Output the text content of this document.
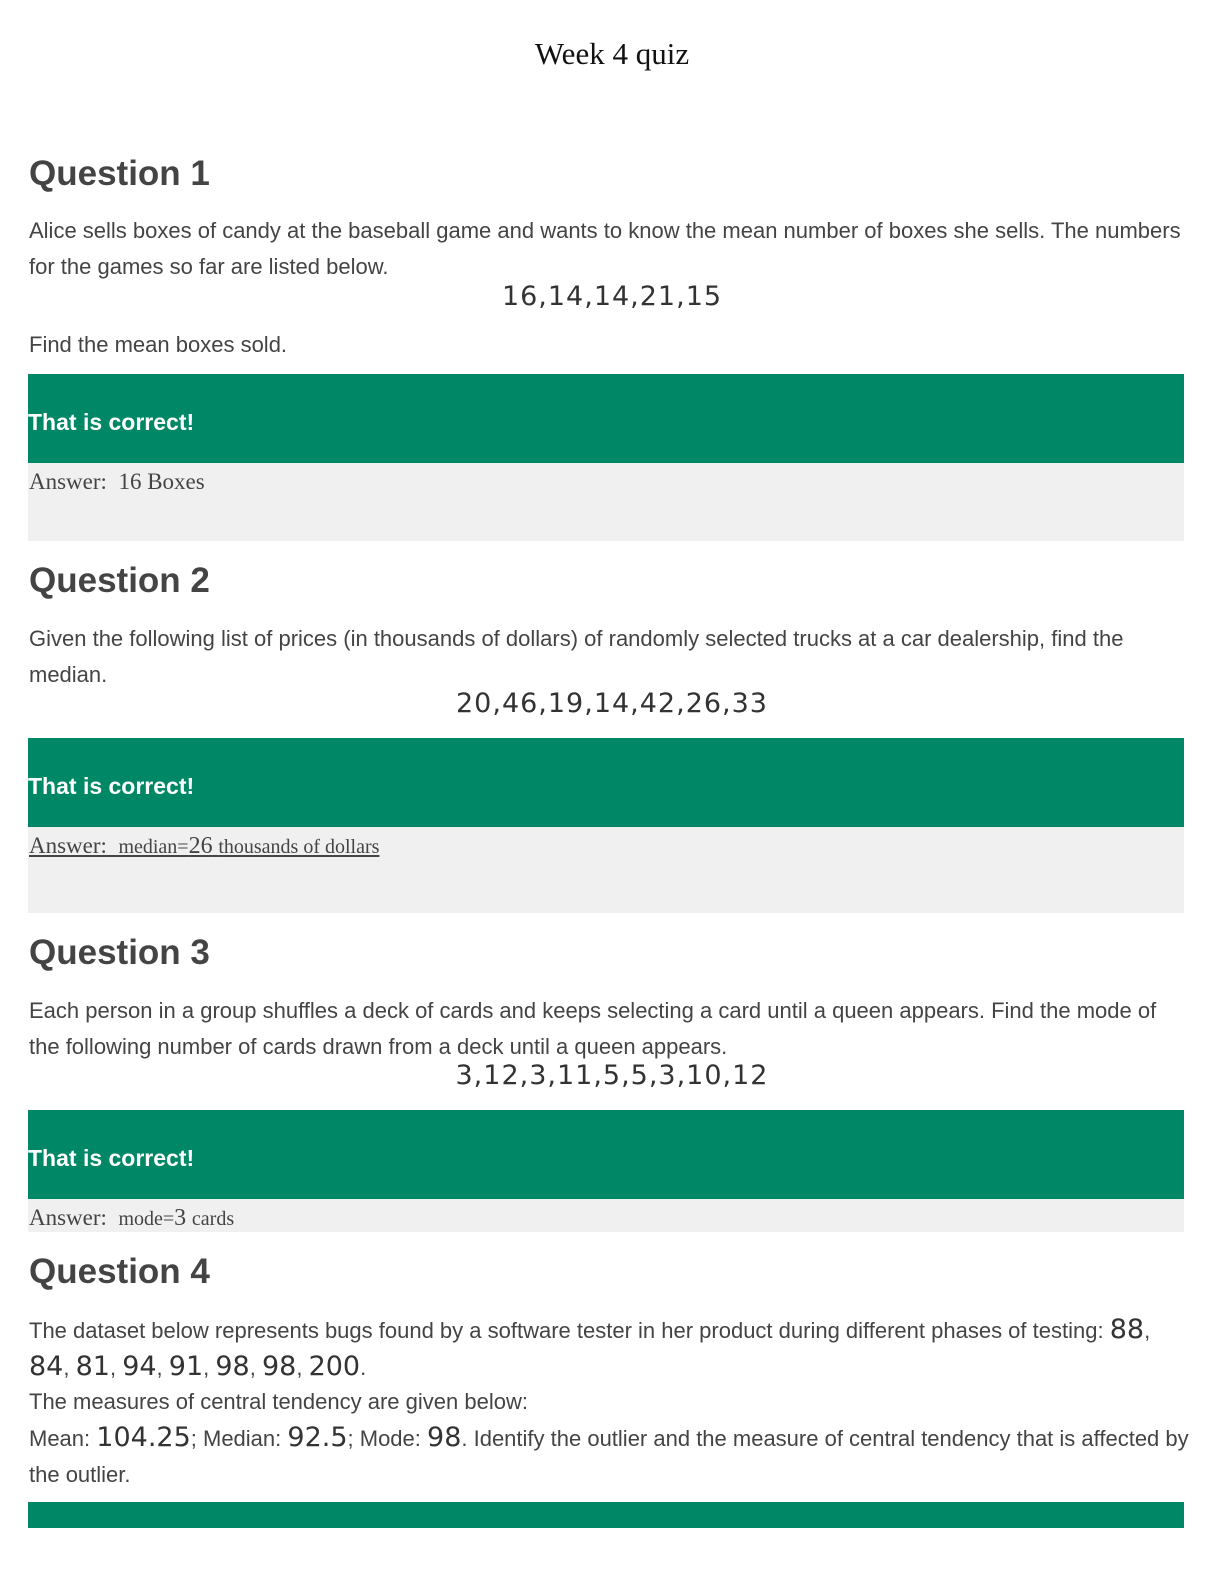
Week 4 quiz
Question 1

Alice sells boxes of candy at the baseball game and wants to know the mean number of boxes she sells. The numbers for the games so far are listed below.

16,14,14,21,15

Find the mean boxes sold.

That is correct!
Answer: 16 Boxes
Question 2

Given the following list of prices (in thousands of dollars) of randomly selected trucks at a car dealership, find the median.

20,46,19,14,42,26,33
That is correct!
Answer: median=26 thousands of dollars
Question 3

Each person in a group shuffles a deck of cards and keeps selecting a card until a queen appears. Find the mode of the following number of cards drawn from a deck until a queen appears.

3,12,3,11,5,5,3,10,12
That is correct!
Answer: mode=3 cards
Question 4

The dataset below represents bugs found by a software tester in her product during different phases of testing: 88, 84, 81, 94, 91, 98, 98, 200.

The measures of central tendency are given below:
Mean: 104.25; Median: 92.5; Mode: 98. Identify the outlier and the measure of central tendency that is affected by the outlier.
